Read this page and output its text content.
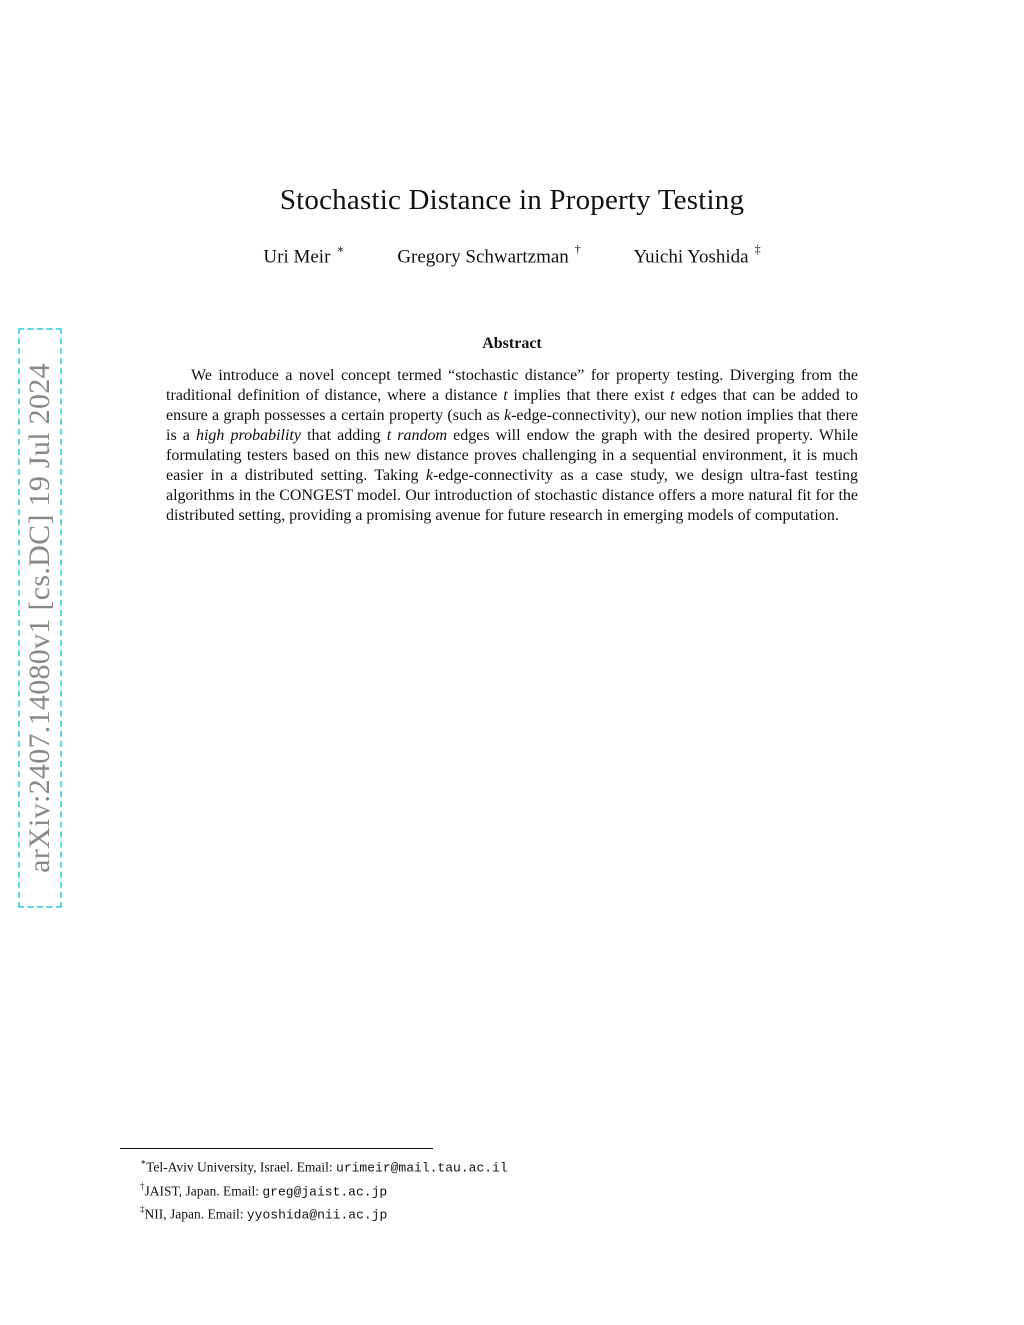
arXiv:2407.14080v1 [cs.DC] 19 Jul 2024
Stochastic Distance in Property Testing
Uri Meir ∗	Gregory Schwartzman †	Yuichi Yoshida ‡
Abstract
We introduce a novel concept termed “stochastic distance” for property testing. Diverging from the traditional definition of distance, where a distance t implies that there exist t edges that can be added to ensure a graph possesses a certain property (such as k-edge-connectivity), our new notion implies that there is a high probability that adding t random edges will endow the graph with the desired property. While formulating testers based on this new distance proves challenging in a sequential environment, it is much easier in a distributed setting. Taking k-edge-connectivity as a case study, we design ultra-fast testing algorithms in the CONGEST model. Our introduction of stochastic distance offers a more natural fit for the distributed setting, providing a promising avenue for future research in emerging models of computation.
∗Tel-Aviv University, Israel. Email: urimeir@mail.tau.ac.il
†JAIST, Japan. Email: greg@jaist.ac.jp
‡NII, Japan. Email: yyoshida@nii.ac.jp
